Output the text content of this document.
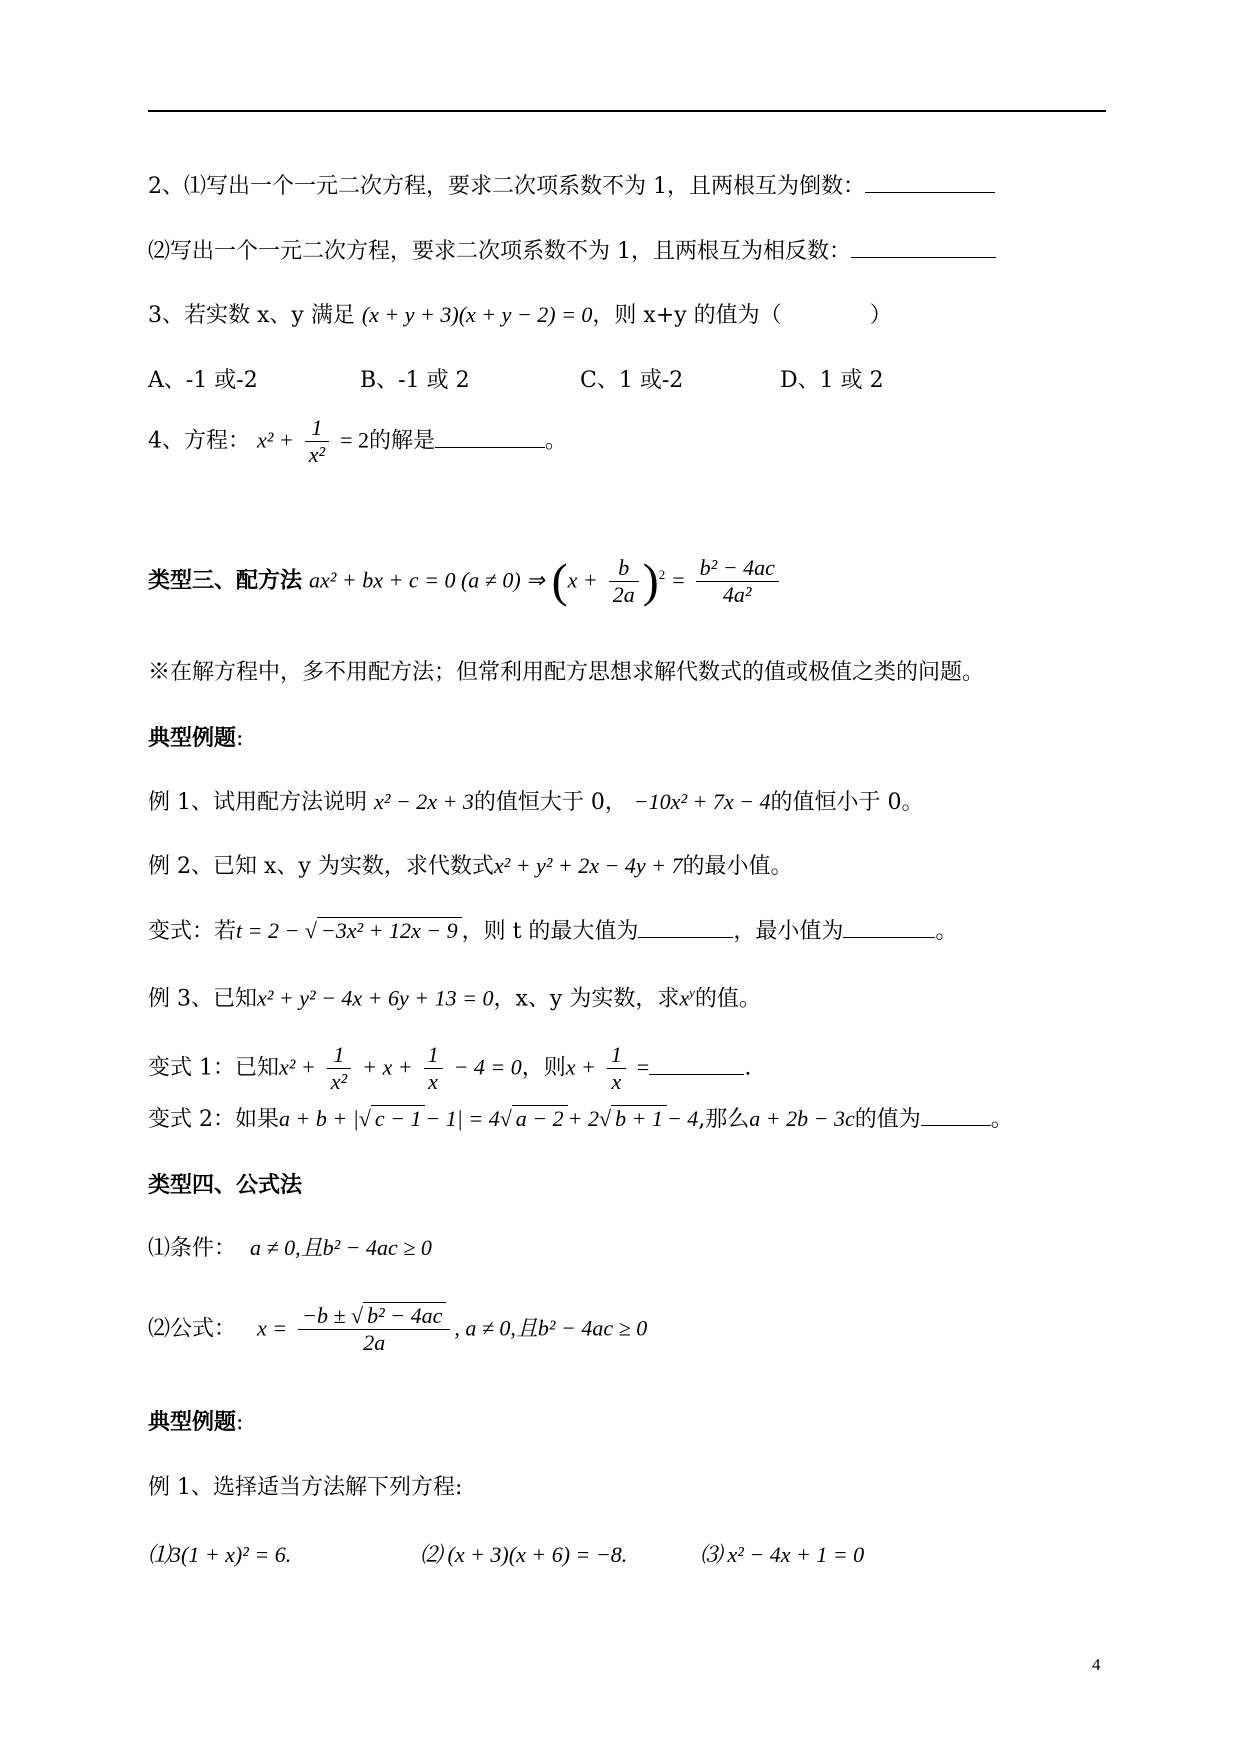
2、⑴写出一个一元二次方程，要求二次项系数不为 1，且两根互为倒数：
⑵写出一个一元二次方程，要求二次项系数不为 1，且两根互为相反数：
3、若实数 x、y 满足 (x + y + 3)(x + y − 2) = 0，则 x+y 的值为（	）
A、-1 或-2	B、-1 或 2	C、1 或-2	D、1 或 2
4、方程： $x^2 + \frac{1}{\text{x²}} = 2$的解是	。
类型三、配方法 ax² + bx + c = 0 (a ≠ 0) ⇒ $(x + \frac{b}{2a} )^2 = \frac{\text{b² − 4ac}}{\text{4a²}}$
※在解方程中，多不用配方法；但常利用配方思想求解代数式的值或极值之类的问题。
典型例题:
例 1、试用配方法说明 x² − 2x + 3的值恒大于 0， −10x² + 7x − 4的值恒小于 0。
例 2、已知 x、y 为实数，求代数式x² + y² + 2x − 4y + 7的最小值。
变式：若t = 2 − √ −3x² + 12x − 9 ，则 t 的最大值为	，最小值为	。
例 3、已知x² + y² − 4x + 6y + 13 = 0，x、y 为实数，求$x^y$的值。
变式 1：已知$x^2 + \frac{1}{\text{x²}} + x + \frac{1}{x} - 4 = 0$，则$x + \frac{1}{x}$ =	.
变式 2：如果a + b + |√ c − 1 − 1| = 4√ a − 2 + 2√ b + 1 − 4,那么a + 2b − 3c的值为	。
类型四、公式法
⑴条件： a ≠ 0,且b² − 4ac ≥ 0
⑵公式： $x = \frac{\text{−b ± √ b² − 4ac}}{2a}$ , a ≠ 0,且b² − 4ac ≥ 0
典型例题:
例 1、选择适当方法解下列方程:
⑴3(1 + x)² = 6.	⑵ (x + 3)(x + 6) = −8.	⑶ x² − 4x + 1 = 0
4
